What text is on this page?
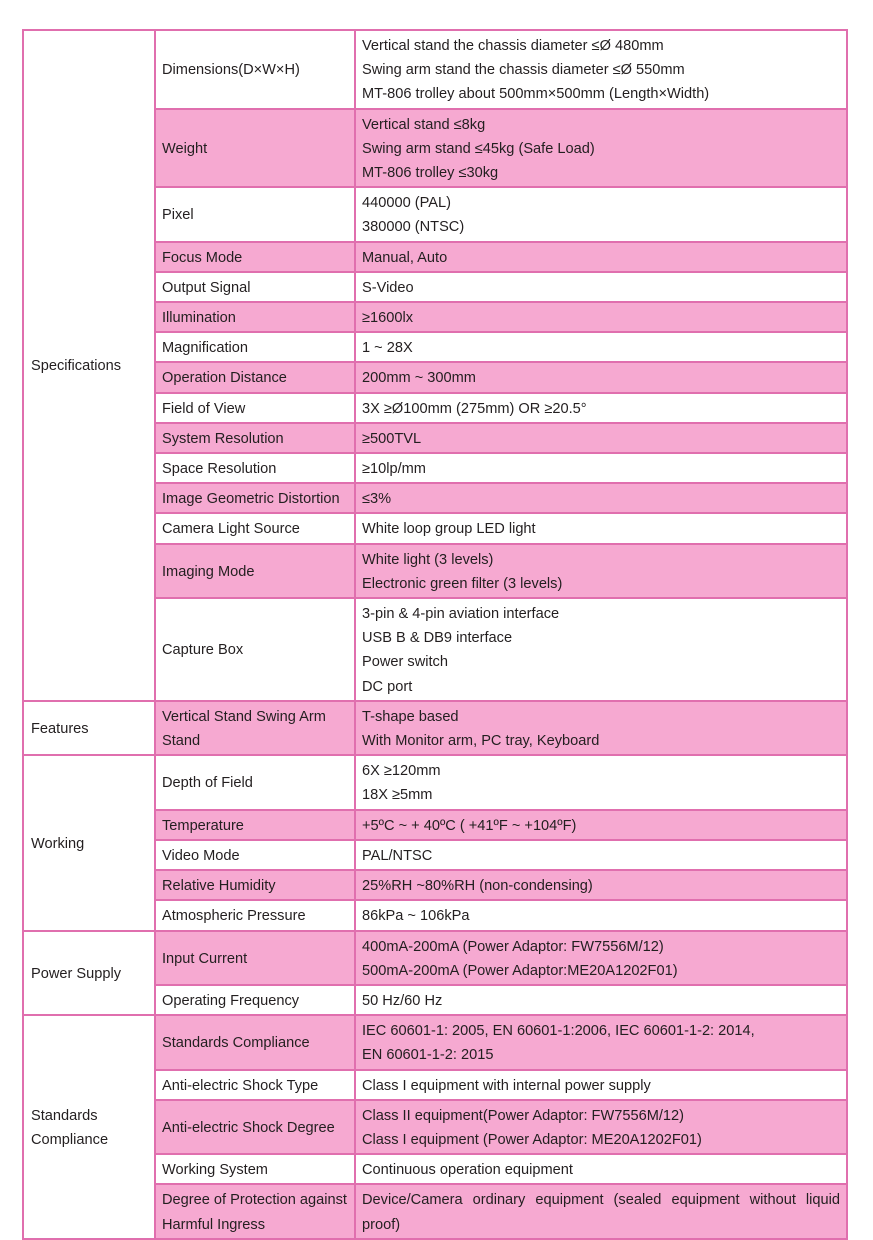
Specifications	Dimensions(D×W×H)	Vertical stand the chassis diameter ≤Ø 480mm
Swing arm stand the chassis diameter ≤Ø 550mm
MT-806 trolley about 500mm×500mm (Length×Width)

	Weight	Vertical stand ≤8kg
Swing arm stand ≤45kg (Safe Load)
MT-806 trolley ≤30kg

	Pixel	440000 (PAL)
380000 (NTSC)

	Focus Mode	Manual, Auto

	Output Signal	S-Video

	Illumination	≥1600lx

	Magnification	1 ~ 28X

	Operation Distance	200mm ~ 300mm

	Field of View	3X ≥Ø100mm (275mm) OR ≥20.5°

	System Resolution	≥500TVL

	Space Resolution	≥10lp/mm

	Image Geometric Distortion	≤3%

	Camera Light Source	White loop group LED light

	Imaging Mode	White light (3 levels)
Electronic green filter (3 levels)

	Capture Box	3-pin & 4-pin aviation interface
USB B & DB9 interface
Power switch
DC port

Features	Vertical Stand Swing Arm Stand	T-shape based
With Monitor arm, PC tray, Keyboard

Working	Depth of Field	6X ≥120mm
18X ≥5mm

	Temperature	+5ºC ~ + 40ºC ( +41ºF ~ +104ºF)

	Video Mode	PAL/NTSC

	Relative Humidity	25%RH ~80%RH (non-condensing)

	Atmospheric Pressure	86kPa ~ 106kPa

Power Supply	Input Current	400mA-200mA (Power Adaptor: FW7556M/12)
500mA-200mA (Power Adaptor:ME20A1202F01)

	Operating Frequency	50 Hz/60 Hz

Standards Compliance	Standards Compliance	IEC 60601-1: 2005, EN 60601-1:2006, IEC 60601-1-2: 2014,
EN 60601-1-2: 2015

	Anti-electric Shock Type	Class I equipment with internal power supply

	Anti-electric Shock Degree	Class II equipment(Power Adaptor: FW7556M/12)
Class I equipment (Power Adaptor: ME20A1202F01)

	Working System	Continuous operation equipment

	Degree of Protection against Harmful Ingress	Device/Camera ordinary equipment (sealed equipment without liquid proof)
